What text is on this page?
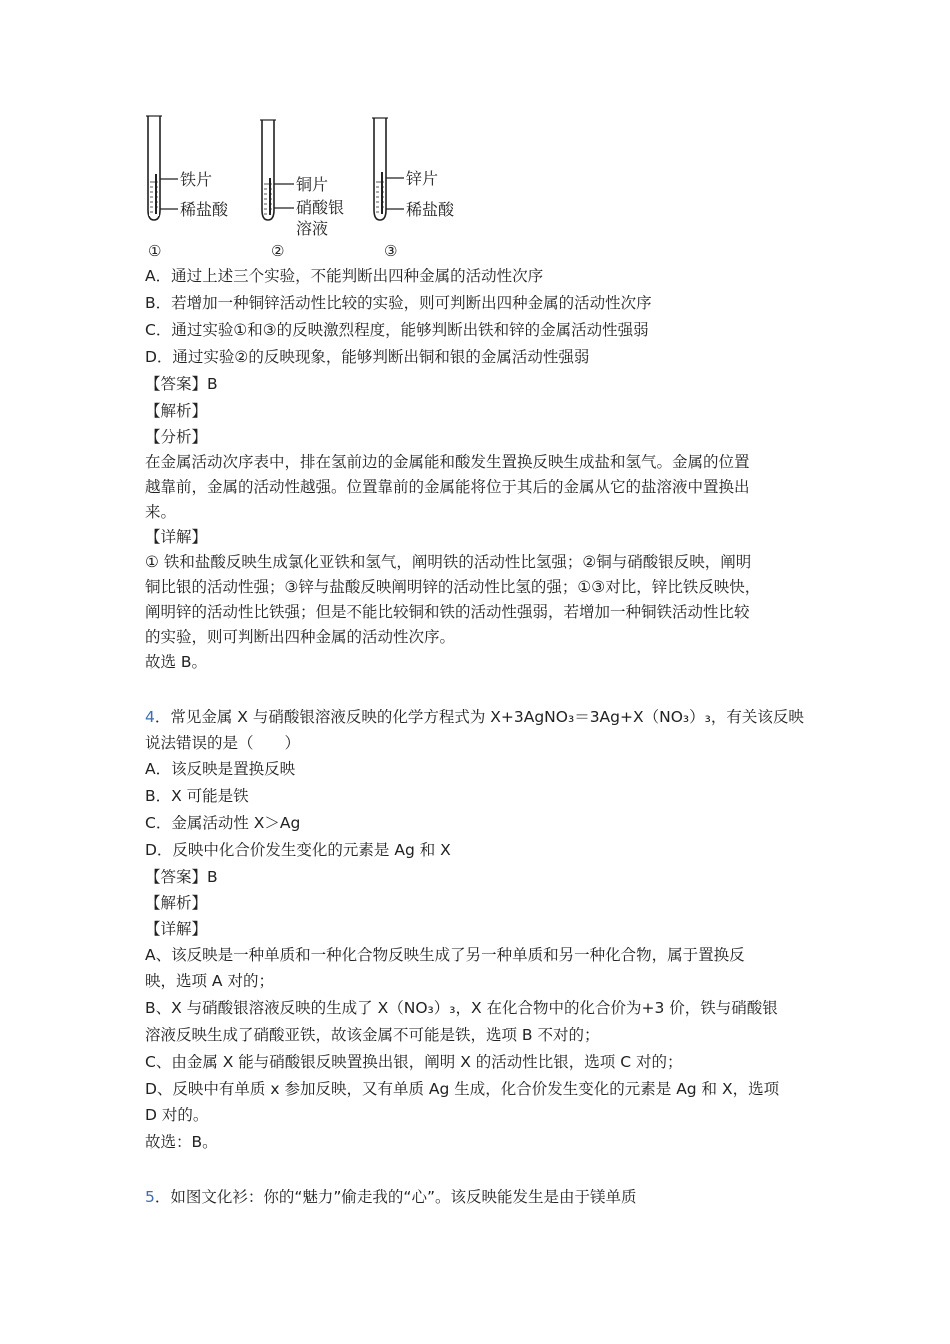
铁片
稀盐酸
①
铜片
硝酸银
溶液
②
锌片
稀盐酸
③
A．通过上述三个实验，不能判断出四种金属的活动性次序
B．若增加一种铜锌活动性比较的实验，则可判断出四种金属的活动性次序
C．通过实验①和③的反映激烈程度，能够判断出铁和锌的金属活动性强弱
D．通过实验②的反映现象，能够判断出铜和银的金属活动性强弱
【答案】B
【解析】
【分析】
在金属活动次序表中，排在氢前边的金属能和酸发生置换反映生成盐和氢气。金属的位置
越靠前，金属的活动性越强。位置靠前的金属能将位于其后的金属从它的盐溶液中置换出
来。
【详解】
① 铁和盐酸反映生成氯化亚铁和氢气，阐明铁的活动性比氢强；②铜与硝酸银反映，阐明
铜比银的活动性强；③锌与盐酸反映阐明锌的活动性比氢的强；①③对比，锌比铁反映快，
阐明锌的活动性比铁强；但是不能比较铜和铁的活动性强弱，若增加一种铜铁活动性比较
的实验，则可判断出四种金属的活动性次序。
故选 B。
4．常见金属 X 与硝酸银溶液反映的化学方程式为 X+3AgNO₃＝3Ag+X（NO₃）₃，有关该反映
说法错误的是（　　）
A．该反映是置换反映
B．X 可能是铁
C．金属活动性 X＞Ag
D．反映中化合价发生变化的元素是 Ag 和 X
【答案】B
【解析】
【详解】
A、该反映是一种单质和一种化合物反映生成了另一种单质和另一种化合物，属于置换反
映，选项 A 对的；
B、X 与硝酸银溶液反映的生成了 X（NO₃）₃，X 在化合物中的化合价为+3 价，铁与硝酸银
溶液反映生成了硝酸亚铁，故该金属不可能是铁，选项 B 不对的；
C、由金属 X 能与硝酸银反映置换出银，阐明 X 的活动性比银，选项 C 对的；
D、反映中有单质 x 参加反映，又有单质 Ag 生成，化合价发生变化的元素是 Ag 和 X，选项
D 对的。
故选：B。
5．如图文化衫：你的“魅力”偷走我的“心”。该反映能发生是由于镁单质
